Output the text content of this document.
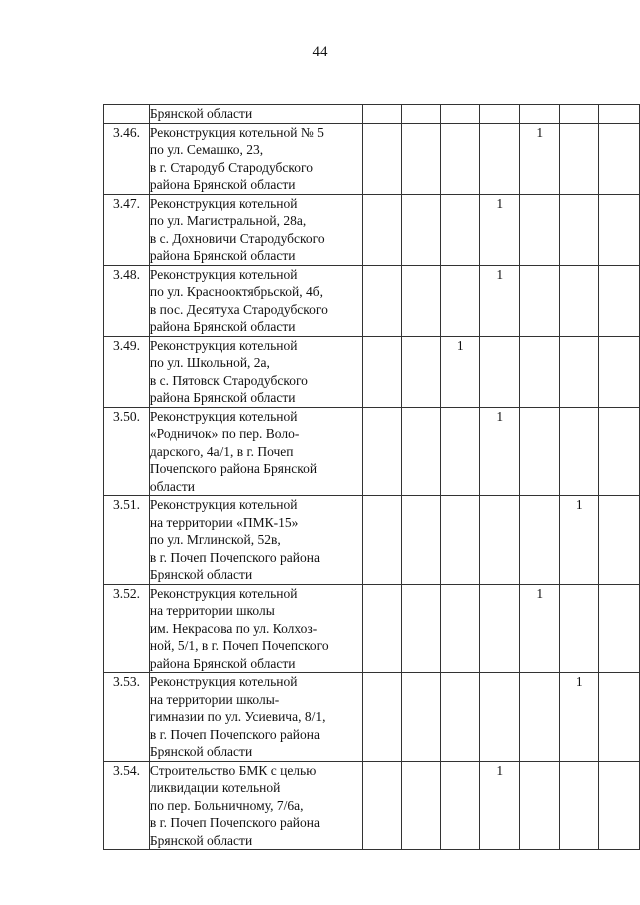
44

	Брянской области							

3.46.	Реконструкция котельной № 5
по ул. Семашко, 23,
в г. Стародуб Стародубского
района Брянской области					1		
3.47.	Реконструкция котельной
по ул. Магистральной, 28а,
в с. Дохновичи Стародубского
района Брянской области				1			
3.48.	Реконструкция котельной
по ул. Краснооктябрьской, 4б,
в пос. Десятуха Стародубского
района Брянской области				1			
3.49.	Реконструкция котельной
по ул. Школьной, 2а,
в с. Пятовск Стародубского
района Брянской области			1				
3.50.	Реконструкция котельной
«Родничок» по пер. Воло-
дарского, 4а/1, в г. Почеп
Почепского района Брянской
области				1			
3.51.	Реконструкция котельной
на территории «ПМК-15»
по ул. Мглинской, 52в,
в г. Почеп Почепского района
Брянской области						1	
3.52.	Реконструкция котельной
на территории школы
им. Некрасова по ул. Колхоз-
ной, 5/1, в г. Почеп Почепского
района Брянской области					1		
3.53.	Реконструкция котельной
на территории школы-
гимназии по ул. Усиевича, 8/1,
в г. Почеп Почепского района
Брянской области						1	
3.54.	Строительство БМК с целью
ликвидации котельной
по пер. Больничному, 7/6а,
в г. Почеп Почепского района
Брянской области				1			
